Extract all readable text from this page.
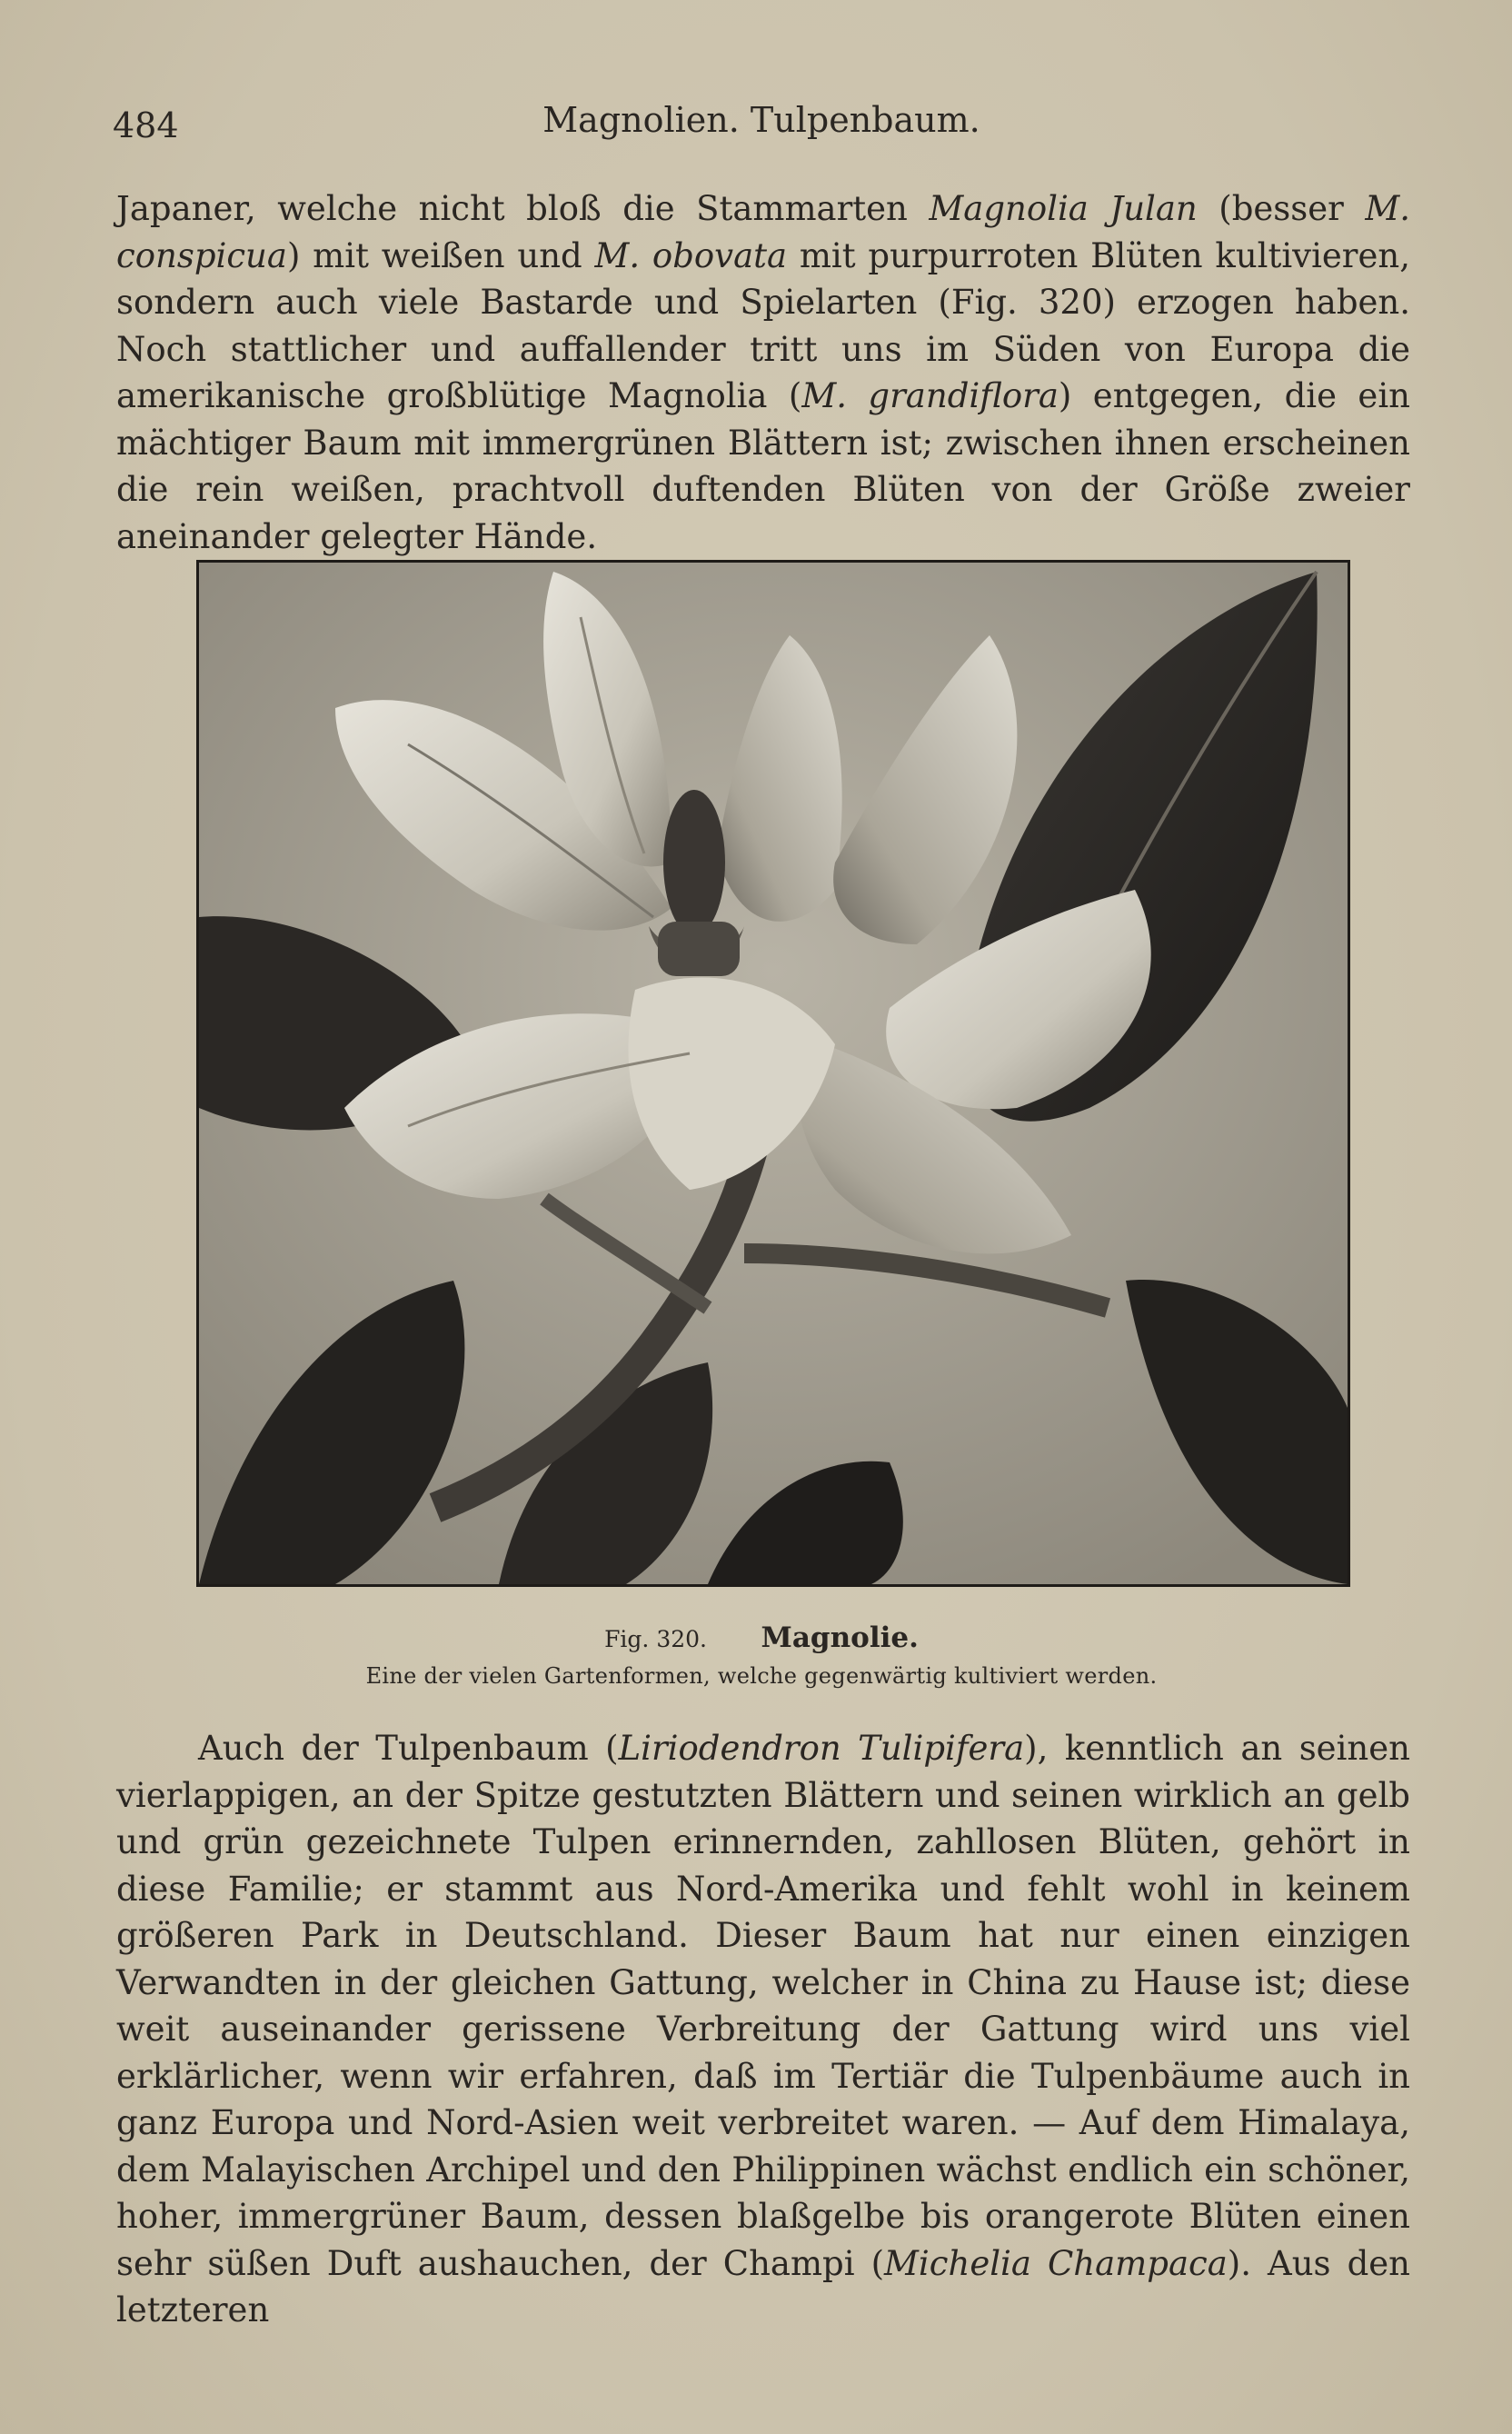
484	Magnolien. Tulpenbaum.

Japaner, welche nicht bloß die Stammarten Magnolia Julan (besser M. conspicua) mit weißen und M. obovata mit purpurroten Blüten kultivieren, sondern auch viele Bastarde und Spielarten (Fig. 320) erzogen haben. Noch stattlicher und auffallender tritt uns im Süden von Europa die amerikanische großblütige Magnolia (M. grandiflora) entgegen, die ein mächtiger Baum mit immergrünen Blättern ist; zwischen ihnen erscheinen die rein weißen, prachtvoll duftenden Blüten von der Größe zweier aneinander gelegter Hände.

Fig. 320. Magnolie.
Eine der vielen Gartenformen, welche gegenwärtig kultiviert werden.

Auch der Tulpenbaum (Liriodendron Tulipifera), kenntlich an seinen vierlappigen, an der Spitze gestutzten Blättern und seinen wirklich an gelb und grün gezeichnete Tulpen erinnernden, zahllosen Blüten, gehört in diese Familie; er stammt aus Nord-Amerika und fehlt wohl in keinem größeren Park in Deutschland. Dieser Baum hat nur einen einzigen Verwandten in der gleichen Gattung, welcher in China zu Hause ist; diese weit auseinander gerissene Verbreitung der Gattung wird uns viel erklärlicher, wenn wir erfahren, daß im Tertiär die Tulpenbäume auch in ganz Europa und Nord-Asien weit verbreitet waren. — Auf dem Himalaya, dem Malayischen Archipel und den Philippinen wächst endlich ein schöner, hoher, immergrüner Baum, dessen blaßgelbe bis orangerote Blüten einen sehr süßen Duft aushauchen, der Champi (Michelia Champaca). Aus den letzteren
